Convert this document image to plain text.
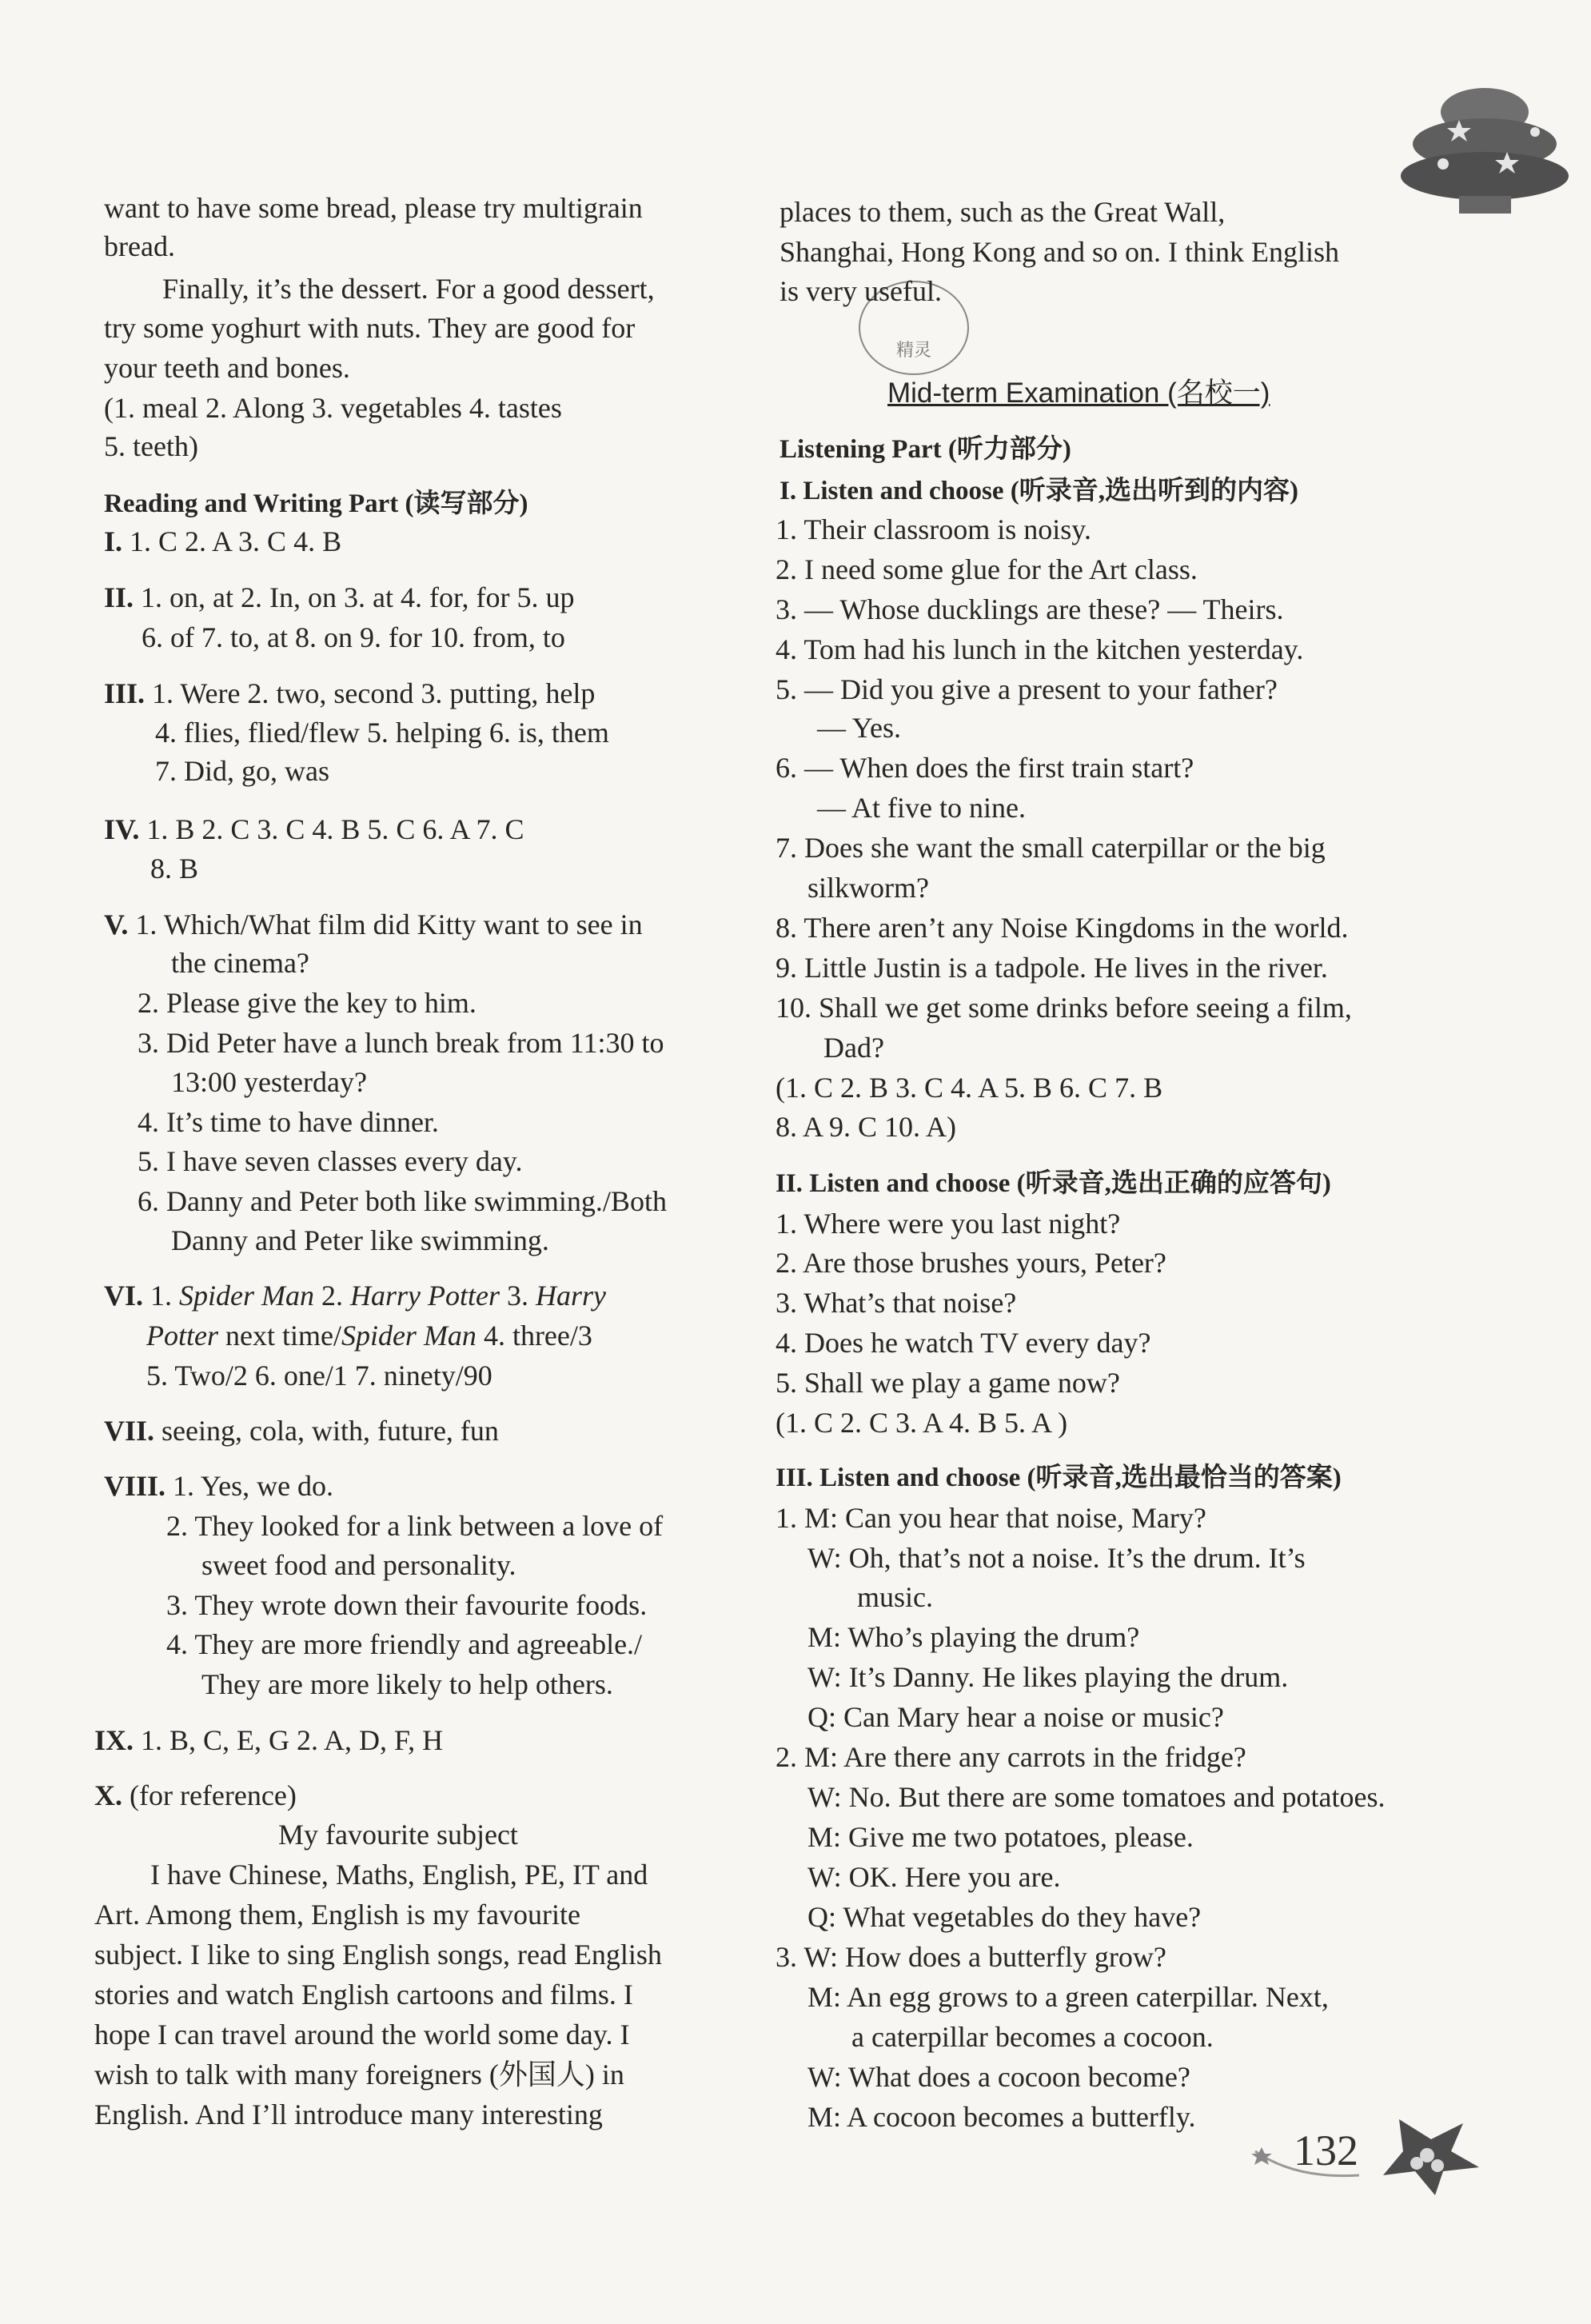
精灵
want to have some bread, please try multigrain
bread.
Finally, it’s the dessert. For a good dessert,
try some yoghurt with nuts. They are good for
your teeth and bones.
(1. meal 2. Along 3. vegetables 4. tastes
5. teeth)
Reading and Writing Part (读写部分)
I. 1. C 2. A 3. C 4. B
II. 1. on, at 2. In, on 3. at 4. for, for 5. up
6. of 7. to, at 8. on 9. for 10. from, to
III. 1. Were 2. two, second 3. putting, help
4. flies, flied/flew 5. helping 6. is, them
7. Did, go, was
IV. 1. B 2. C 3. C 4. B 5. C 6. A 7. C
8. B
V. 1. Which/What film did Kitty want to see in
the cinema?
2. Please give the key to him.
3. Did Peter have a lunch break from 11:30 to
13:00 yesterday?
4. It’s time to have dinner.
5. I have seven classes every day.
6. Danny and Peter both like swimming./Both
Danny and Peter like swimming.
VI. 1. Spider Man 2. Harry Potter 3. Harry
Potter next time/Spider Man 4. three/3
5. Two/2 6. one/1 7. ninety/90
VII. seeing, cola, with, future, fun
VIII. 1. Yes, we do.
2. They looked for a link between a love of
sweet food and personality.
3. They wrote down their favourite foods.
4. They are more friendly and agreeable./
They are more likely to help others.
IX. 1. B, C, E, G 2. A, D, F, H
X. (for reference)
My favourite subject
I have Chinese, Maths, English, PE, IT and
Art. Among them, English is my favourite
subject. I like to sing English songs, read English
stories and watch English cartoons and films. I
hope I can travel around the world some day. I
wish to talk with many foreigners (外国人) in
English. And I’ll introduce many interesting
places to them, such as the Great Wall,
Shanghai, Hong Kong and so on. I think English
is very useful.
Mid-term Examination (名校一)
Listening Part (听力部分)
I. Listen and choose (听录音,选出听到的内容)
1. Their classroom is noisy.
2. I need some glue for the Art class.
3. — Whose ducklings are these? — Theirs.
4. Tom had his lunch in the kitchen yesterday.
5. — Did you give a present to your father?
— Yes.
6. — When does the first train start?
— At five to nine.
7. Does she want the small caterpillar or the big
silkworm?
8. There aren’t any Noise Kingdoms in the world.
9. Little Justin is a tadpole. He lives in the river.
10. Shall we get some drinks before seeing a film,
Dad?
(1. C 2. B 3. C 4. A 5. B 6. C 7. B
8. A 9. C 10. A)
II. Listen and choose (听录音,选出正确的应答句)
1. Where were you last night?
2. Are those brushes yours, Peter?
3. What’s that noise?
4. Does he watch TV every day?
5. Shall we play a game now?
(1. C 2. C 3. A 4. B 5. A )
III. Listen and choose (听录音,选出最恰当的答案)
1. M: Can you hear that noise, Mary?
W: Oh, that’s not a noise. It’s the drum. It’s
music.
M: Who’s playing the drum?
W: It’s Danny. He likes playing the drum.
Q: Can Mary hear a noise or music?
2. M: Are there any carrots in the fridge?
W: No. But there are some tomatoes and potatoes.
M: Give me two potatoes, please.
W: OK. Here you are.
Q: What vegetables do they have?
3. W: How does a butterfly grow?
M: An egg grows to a green caterpillar. Next,
a caterpillar becomes a cocoon.
W: What does a cocoon become?
M: A cocoon becomes a butterfly.
132
